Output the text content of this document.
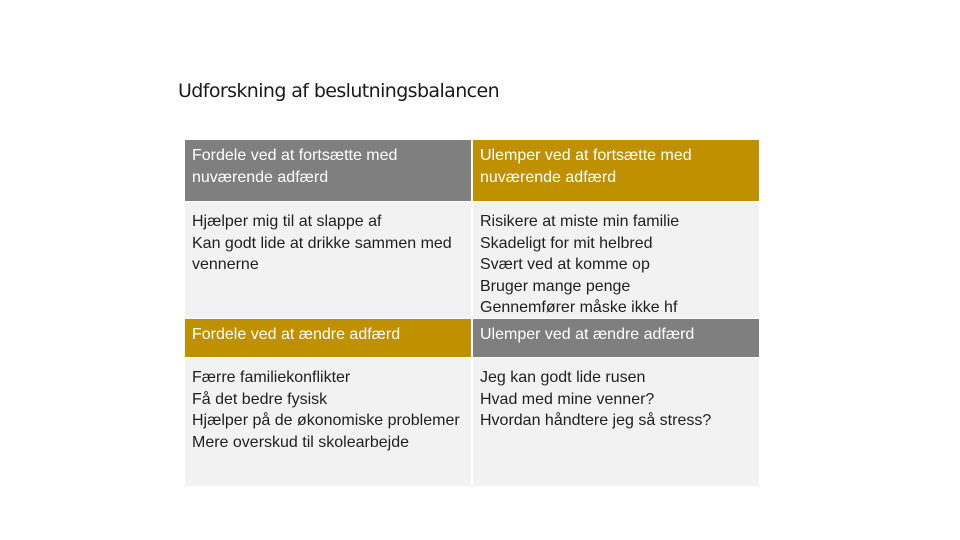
Udforskning af beslutningsbalancen
Fordele ved at fortsætte med nuværende adfærd
Ulemper ved at fortsætte med nuværende adfærd
Hjælper mig til at slappe af
Kan godt lide at drikke sammen med vennerne
Risikere at miste min familie
Skadeligt for mit helbred
Svært ved at komme op
Bruger mange penge
Gennemfører måske ikke hf
Fordele ved at ændre adfærd	Ulemper ved at ændre adfærd
Færre familiekonflikter
Få det bedre fysisk
Hjælper på de økonomiske problemer
Mere overskud til skolearbejde
Jeg kan godt lide rusen
Hvad med mine venner?
Hvordan håndtere jeg så stress?
